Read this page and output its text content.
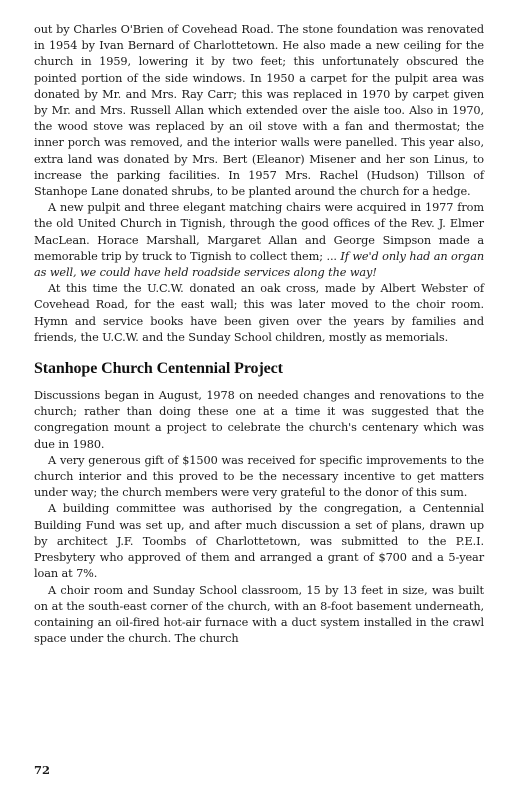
out by Charles O'Brien of Covehead Road. The stone foundation was renovated in 1954 by Ivan Bernard of Charlottetown. He also made a new ceiling for the church in 1959, lowering it by two feet; this unfortunately obscured the pointed portion of the side windows. In 1950 a carpet for the pulpit area was donated by Mr. and Mrs. Ray Carr; this was replaced in 1970 by carpet given by Mr. and Mrs. Russell Allan which extended over the aisle too. Also in 1970, the wood stove was replaced by an oil stove with a fan and thermostat; the inner porch was removed, and the interior walls were panelled. This year also, extra land was donated by Mrs. Bert (Eleanor) Misener and her son Linus, to increase the parking facilities. In 1957 Mrs. Rachel (Hudson) Tillson of Stanhope Lane donated shrubs, to be planted around the church for a hedge.

A new pulpit and three elegant matching chairs were acquired in 1977 from the old United Church in Tignish, through the good offices of the Rev. J. Elmer MacLean. Horace Marshall, Margaret Allan and George Simpson made a memorable trip by truck to Tignish to collect them; ... If we'd only had an organ as well, we could have held roadside services along the way!

At this time the U.C.W. donated an oak cross, made by Albert Webster of Covehead Road, for the east wall; this was later moved to the choir room. Hymn and service books have been given over the years by families and friends, the U.C.W. and the Sunday School children, mostly as memorials.

Stanhope Church Centennial Project

Discussions began in August, 1978 on needed changes and renovations to the church; rather than doing these one at a time it was suggested that the congregation mount a project to celebrate the church's centenary which was due in 1980.

A very generous gift of $1500 was received for specific improvements to the church interior and this proved to be the necessary incentive to get matters under way; the church members were very grateful to the donor of this sum.

A building committee was authorised by the congregation, a Centennial Building Fund was set up, and after much discussion a set of plans, drawn up by architect J.F. Toombs of Charlottetown, was submitted to the P.E.I. Presbytery who approved of them and arranged a grant of $700 and a 5-year loan at 7%.

A choir room and Sunday School classroom, 15 by 13 feet in size, was built on at the south-east corner of the church, with an 8-foot basement underneath, containing an oil-fired hot-air furnace with a duct system installed in the crawl space under the church. The church

72
